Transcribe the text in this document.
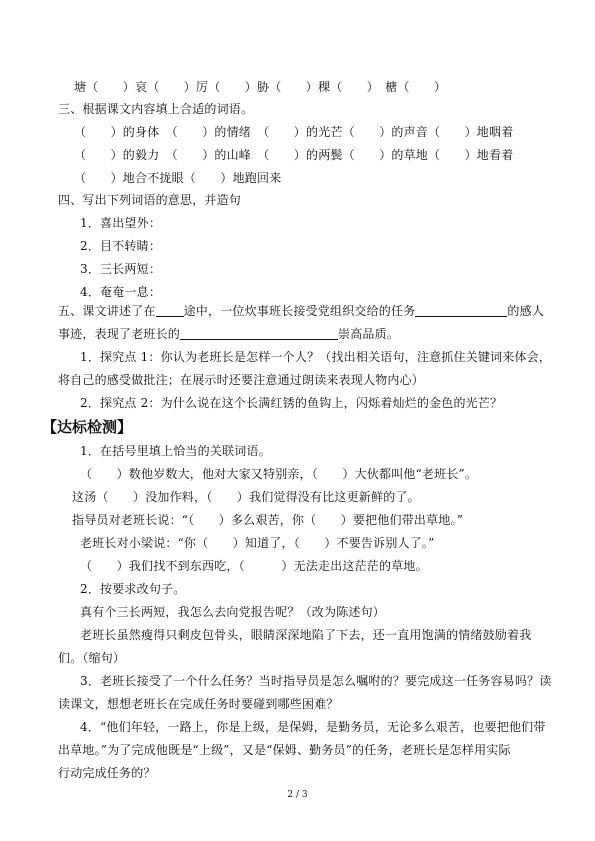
塘（　　）哀（　　）厉（　　）胁（　　）稞（　　）　榶（　　）
三、根据课文内容填上合适的词语。
（　　）的身体　（　　）的情绪　（　　）的光芒（　　）的声音（　　）地咽着
（　　）的毅力　（　　）的山峰　（　　）的两鬓（　　）的草地（　　）地看着
（　　）地合不拢眼（　　）地跑回来
四、写出下列词语的意思，并造句
1．喜出望外：
2．目不转睛：
3．三长两短：
4．奄奄一息：
五、课文讲述了在 途中，一位炊事班长接受党组织交给的任务	的感人
事迹，表现了老班长的	崇高品质。
1．探究点 1：你认为老班长是怎样一个人？（找出相关语句，注意抓住关键词来体会，
将自己的感受做批注；在展示时还要注意通过朗读来表现人物内心）
2．探究点 2：为什么说在这个长满红锈的鱼钩上，闪烁着灿烂的金色的光芒？
【达标检测】
1．在括号里填上恰当的关联词语。
（　　）数他岁数大，他对大家又特别亲，（　　）大伙都叫他“老班长”。
这汤（　　）没加作料，（　　）我们觉得没有比这更新鲜的了。
指导员对老班长说：“（　　）多么艰苦，你（　　）要把他们带出草地。”
老班长对小梁说：“你（　　）知道了，（　　）不要告诉别人了。”
（　　）我们找不到东西吃，（　　　）无法走出这茫茫的草地。
2．按要求改句子。
真有个三长两短，我怎么去向党报告呢？（改为陈述句）
老班长虽然瘦得只剩皮包骨头，眼睛深深地陷了下去，还一直用饱满的情绪鼓励着我
们。（缩句）
3．老班长接受了一个什么任务？当时指导员是怎么嘱咐的？要完成这一任务容易吗？读
读课文，想想老班长在完成任务时要碰到哪些困难？
4．“他们年轻，一路上，你是上级，是保姆，是勤务员，无论多么艰苦，也要把他们带
出草地。”为了完成他既是“上级”，又是“保姆、勤务员”的任务，老班长是怎样用实际
行动完成任务的？
2 / 3
